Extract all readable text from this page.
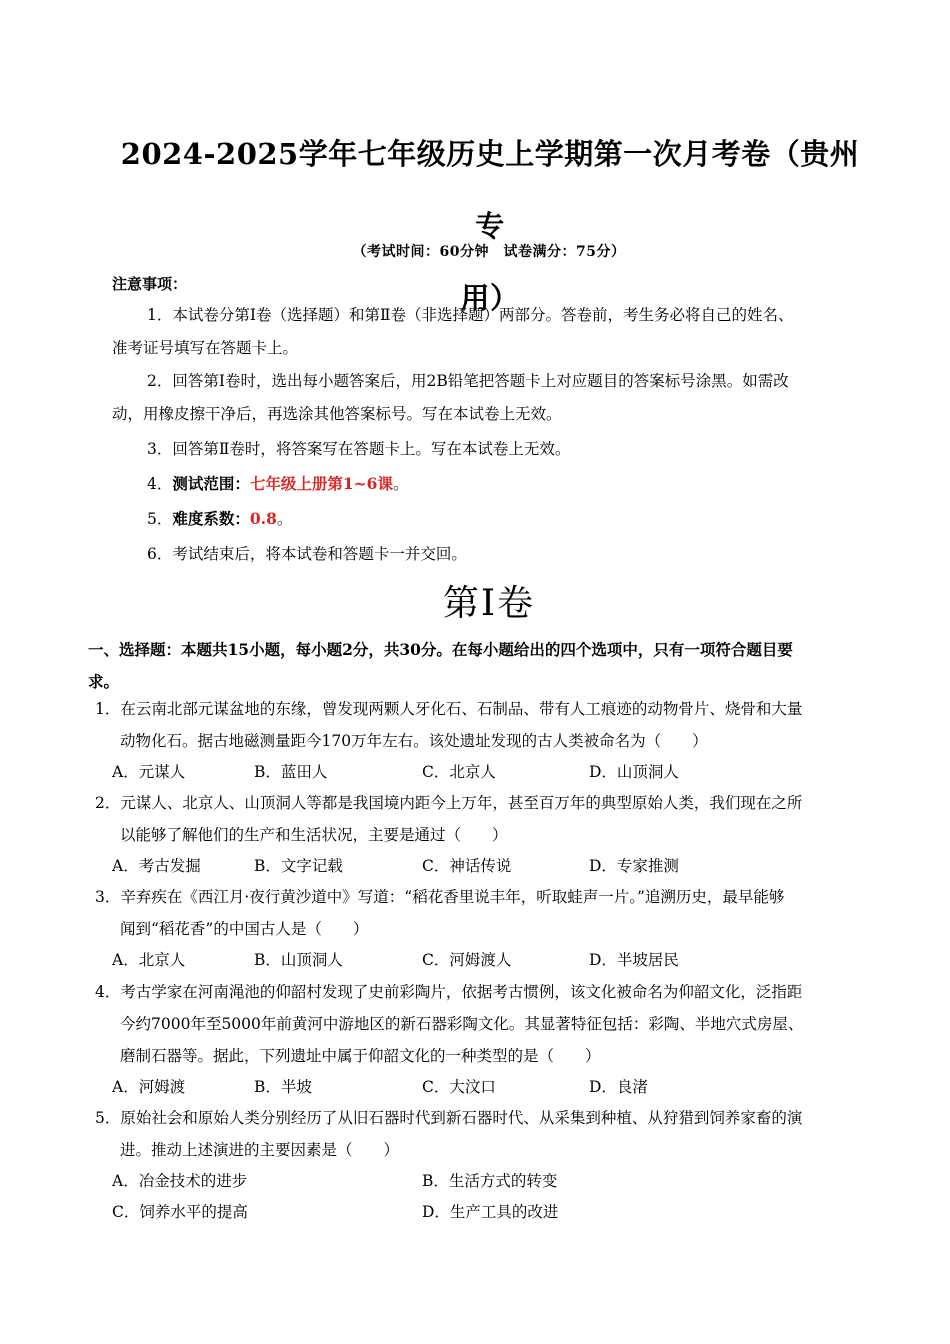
2024-2025学年七年级历史上学期第一次月考卷（贵州专
用）
（考试时间：60分钟　试卷满分：75分）
注意事项：
1．本试卷分第Ⅰ卷（选择题）和第Ⅱ卷（非选择题）两部分。答卷前，考生务必将自己的姓名、
准考证号填写在答题卡上。
2．回答第Ⅰ卷时，选出每小题答案后，用2B铅笔把答题卡上对应题目的答案标号涂黑。如需改
动，用橡皮擦干净后，再选涂其他答案标号。写在本试卷上无效。
3．回答第Ⅱ卷时，将答案写在答题卡上。写在本试卷上无效。
4．测试范围：七年级上册第1~6课。
5．难度系数：0.8。
6．考试结束后，将本试卷和答题卡一并交回。
第Ⅰ卷
一、选择题：本题共15小题，每小题2分，共30分。在每小题给出的四个选项中，只有一项符合题目要
求。
1．在云南北部元谋盆地的东缘，曾发现两颗人牙化石、石制品、带有人工痕迹的动物骨片、烧骨和大量
动物化石。据古地磁测量距今170万年左右。该处遗址发现的古人类被命名为（　　）
A．元谋人	B．蓝田人	C．北京人	D．山顶洞人
2．元谋人、北京人、山顶洞人等都是我国境内距今上万年，甚至百万年的典型原始人类，我们现在之所
以能够了解他们的生产和生活状况，主要是通过（　　）
A．考古发掘	B．文字记载	C．神话传说	D．专家推测
3．辛弃疾在《西江月·夜行黄沙道中》写道：“稻花香里说丰年，听取蛙声一片。”追溯历史，最早能够
闻到“稻花香”的中国古人是（　　）
A．北京人	B．山顶洞人	C．河姆渡人	D．半坡居民
4．考古学家在河南渑池的仰韶村发现了史前彩陶片，依据考古惯例，该文化被命名为仰韶文化，泛指距
今约7000年至5000年前黄河中游地区的新石器彩陶文化。其显著特征包括：彩陶、半地穴式房屋、
磨制石器等。据此，下列遗址中属于仰韶文化的一种类型的是（　　）
A．河姆渡	B．半坡	C．大汶口	D．良渚
5．原始社会和原始人类分别经历了从旧石器时代到新石器时代、从采集到种植、从狩猎到饲养家畜的演
进。推动上述演进的主要因素是（　　）
A．冶金技术的进步	B．生活方式的转变
C．饲养水平的提高	D．生产工具的改进
